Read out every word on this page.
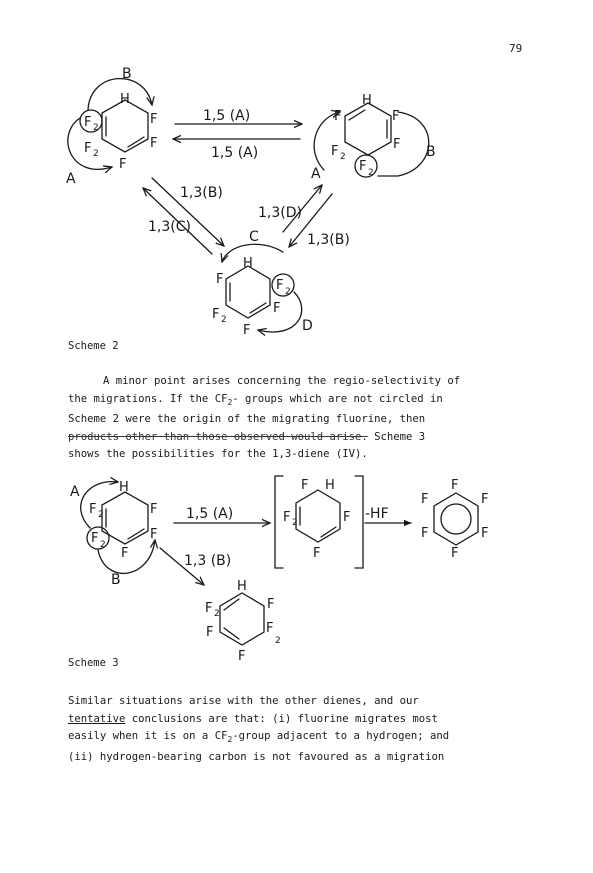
79
H
F
F
F
F 2
F 2
B
A
H
F	F
F
F 2
F 2
A
B
1,5 (A)
1,5 (A)
1,3(B)
1,3(C)
1,3(D)
1,3(B)
H
F	F 2
F 2
F
F
C
D
H
F 2
F 2
F
F
F
A
B
1,5 (A)
1,3 (B)
-HF
F H
F 2	F
F
F
F
F
F
F
F
H
F 2
F
F	F
2
F
Scheme 2
A minor point arises concerning the regio-selectivity of
the migrations. If the $CF_2-$ groups which are not circled in
Scheme 2 were the origin of the migrating fluorine, then
products other than those observed would arise. Scheme 3
shows the possibilities for the 1,3-diene (IV).
Scheme 3
Similar situations arise with the other dienes, and our
tentative conclusions are that: (i) fluorine migrates most
easily when it is on a $CF_2$-group adjacent to a hydrogen; and
(ii) hydrogen-bearing carbon is not favoured as a migration
